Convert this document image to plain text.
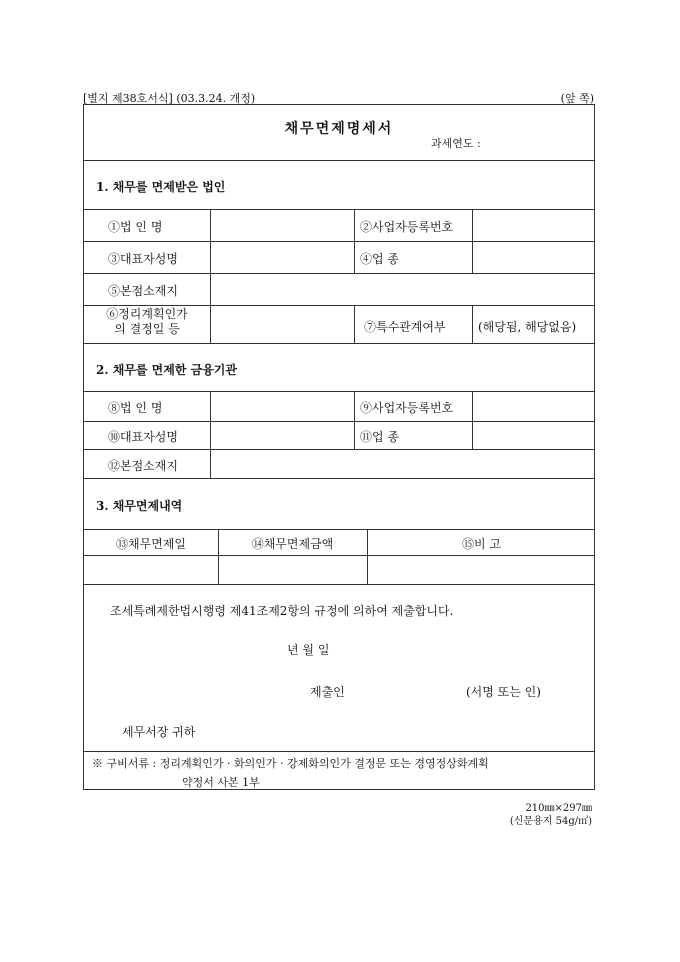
[별지 제38호서식] (03.3.24. 개정)	(앞 쪽)
채무면제명세서
과세연도 :
1. 채무를 면제받은 법인
①법 인 명	②사업자등록번호
③대표자성명	④업 종
⑤본점소재지
⑥정리계획인가
의 결정일 등	⑦특수관계여부	(해당됨, 해당없음)
2. 채무를 면제한 금융기관
⑧법 인 명	⑨사업자등록번호
⑩대표자성명	⑪업 종
⑫본점소재지
3. 채무면제내역
⑬채무면제일	⑭채무면제금액	⑮비 고
조세특례제한법시행령 제41조제2항의 규정에 의하여 제출합니다.
년 월 일
제출인	(서명 또는 인)
세무서장 귀하
※ 구비서류 : 정리계획인가 · 화의인가 · 강제화의인가 결정문 또는 경영정상화계획
약정서 사본 1부
210㎜×297㎜
(신문용지 54g/㎡)
